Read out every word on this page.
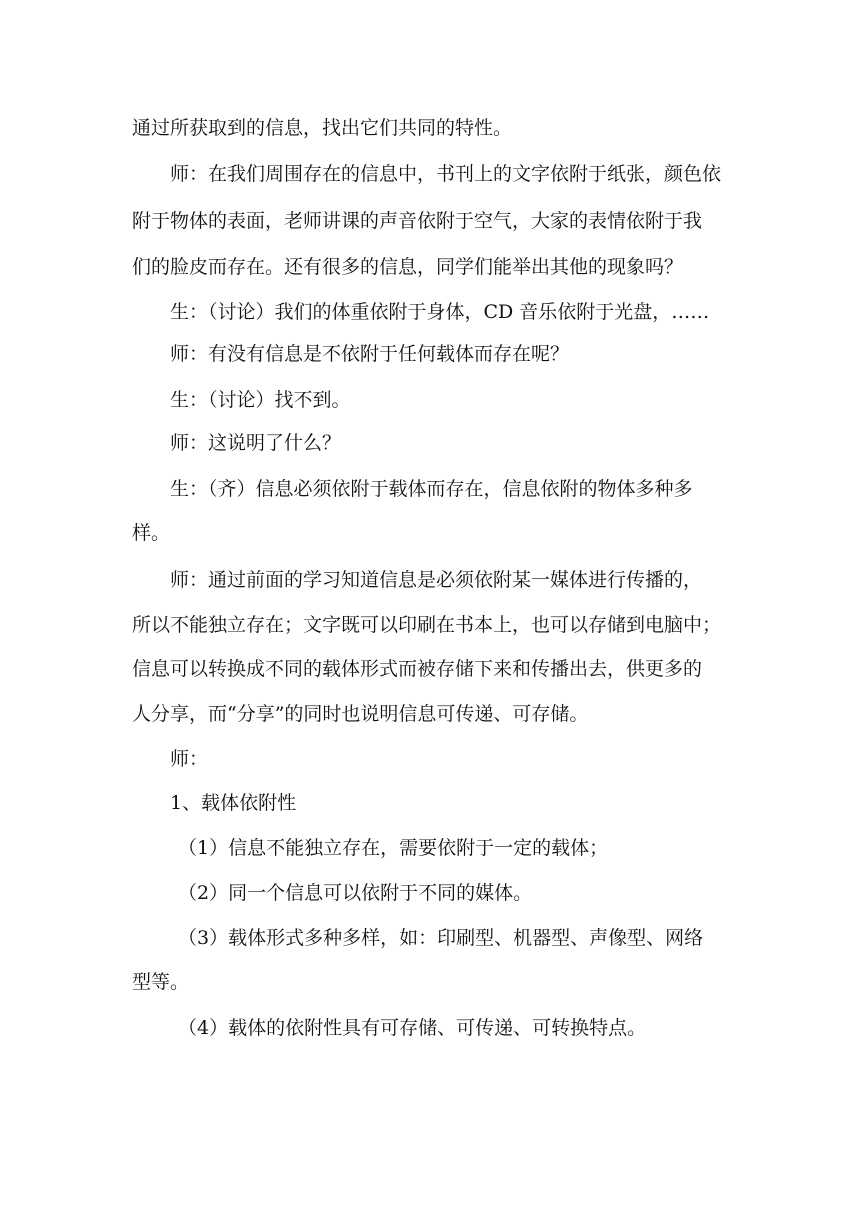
通过所获取到的信息，找出它们共同的特性。
师：在我们周围存在的信息中，书刊上的文字依附于纸张，颜色依
附于物体的表面，老师讲课的声音依附于空气，大家的表情依附于我
们的脸皮而存在。还有很多的信息，同学们能举出其他的现象吗？
生：（讨论）我们的体重依附于身体，CD 音乐依附于光盘，……
师：有没有信息是不依附于任何载体而存在呢？
生：（讨论）找不到。
师：这说明了什么？
生：（齐）信息必须依附于载体而存在，信息依附的物体多种多
样。
师：通过前面的学习知道信息是必须依附某一媒体进行传播的，
所以不能独立存在；文字既可以印刷在书本上，也可以存储到电脑中；
信息可以转换成不同的载体形式而被存储下来和传播出去，供更多的
人分享，而“分享”的同时也说明信息可传递、可存储。
师：
1、载体依附性
（1）信息不能独立存在，需要依附于一定的载体；
（2）同一个信息可以依附于不同的媒体。
（3）载体形式多种多样，如：印刷型、机器型、声像型、网络
型等。
（4）载体的依附性具有可存储、可传递、可转换特点。
